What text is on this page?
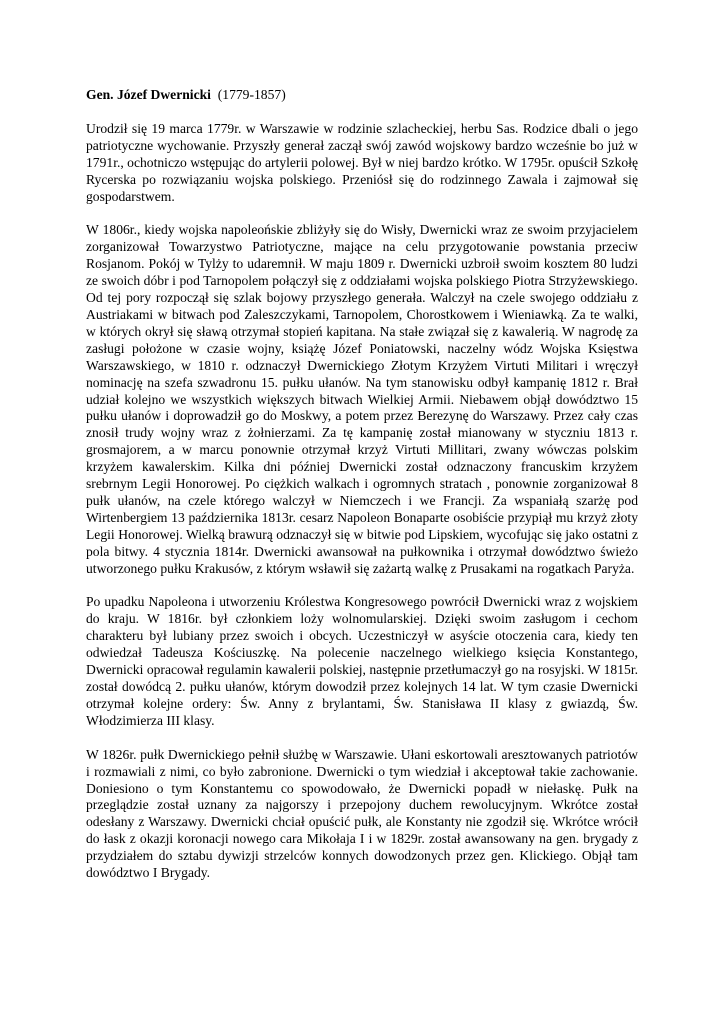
Gen. Józef Dwernicki (1779-1857)

Urodził się 19 marca 1779r. w Warszawie w rodzinie szlacheckiej, herbu Sas. Rodzice dbali o jego patriotyczne wychowanie. Przyszły generał zaczął swój zawód wojskowy bardzo wcześnie bo już w 1791r., ochotniczo wstępując do artylerii polowej. Był w niej bardzo krótko. W 1795r. opuścił Szkołę Rycerska po rozwiązaniu wojska polskiego. Przeniósł się do rodzinnego Zawala i zajmował się gospodarstwem.

W 1806r., kiedy wojska napoleońskie zbliżyły się do Wisły, Dwernicki wraz ze swoim przyjacielem zorganizował Towarzystwo Patriotyczne, mające na celu przygotowanie powstania przeciw Rosjanom. Pokój w Tylży to udaremnił. W maju 1809 r. Dwernicki uzbroił swoim kosztem 80 ludzi ze swoich dóbr i pod Tarnopolem połączył się z oddziałami wojska polskiego Piotra Strzyżewskiego. Od tej pory rozpoczął się szlak bojowy przyszłego generała. Walczył na czele swojego oddziału z Austriakami w bitwach pod Zaleszczykami, Tarnopolem, Chorostkowem i Wieniawką. Za te walki, w których okrył się sławą otrzymał stopień kapitana. Na stałe związał się z kawalerią. W nagrodę za zasługi położone w czasie wojny, książę Józef Poniatowski, naczelny wódz Wojska Księstwa Warszawskiego, w 1810 r. odznaczył Dwernickiego Złotym Krzyżem Virtuti Militari i wręczył nominację na szefa szwadronu 15. pułku ułanów. Na tym stanowisku odbył kampanię 1812 r. Brał udział kolejno we wszystkich większych bitwach Wielkiej Armii. Niebawem objął dowództwo 15 pułku ułanów i doprowadził go do Moskwy, a potem przez Berezynę do Warszawy. Przez cały czas znosił trudy wojny wraz z żołnierzami. Za tę kampanię został mianowany w styczniu 1813 r. grosmajorem, a w marcu ponownie otrzymał krzyż Virtuti Millitari, zwany wówczas polskim krzyżem kawalerskim. Kilka dni później Dwernicki został odznaczony francuskim krzyżem srebrnym Legii Honorowej. Po ciężkich walkach i ogromnych stratach , ponownie zorganizował 8 pułk ułanów, na czele którego walczył w Niemczech i we Francji. Za wspaniałą szarżę pod Wirtenbergiem 13 października 1813r. cesarz Napoleon Bonaparte osobiście przypiął mu krzyż złoty Legii Honorowej. Wielką brawurą odznaczył się w bitwie pod Lipskiem, wycofując się jako ostatni z pola bitwy. 4 stycznia 1814r. Dwernicki awansował na pułkownika i otrzymał dowództwo świeżo utworzonego pułku Krakusów, z którym wsławił się zażartą walkę z Prusakami na rogatkach Paryża.

Po upadku Napoleona i utworzeniu Królestwa Kongresowego powrócił Dwernicki wraz z wojskiem do kraju. W 1816r. był członkiem loży wolnomularskiej. Dzięki swoim zasługom i cechom charakteru był lubiany przez swoich i obcych. Uczestniczył w asyście otoczenia cara, kiedy ten odwiedzał Tadeusza Kościuszkę. Na polecenie naczelnego wielkiego księcia Konstantego, Dwernicki opracował regulamin kawalerii polskiej, następnie przetłumaczył go na rosyjski. W 1815r. został dowódcą 2. pułku ułanów, którym dowodził przez kolejnych 14 lat. W tym czasie Dwernicki otrzymał kolejne ordery: Św. Anny z brylantami, Św. Stanisława II klasy z gwiazdą, Św. Włodzimierza III klasy.

W 1826r. pułk Dwernickiego pełnił służbę w Warszawie. Ułani eskortowali aresztowanych patriotów i rozmawiali z nimi, co było zabronione. Dwernicki o tym wiedział i akceptował takie zachowanie. Doniesiono o tym Konstantemu co spowodowało, że Dwernicki popadł w niełaskę. Pułk na przeglądzie został uznany za najgorszy i przepojony duchem rewolucyjnym. Wkrótce został odesłany z Warszawy. Dwernicki chciał opuścić pułk, ale Konstanty nie zgodził się. Wkrótce wrócił do łask z okazji koronacji nowego cara Mikołaja I i w 1829r. został awansowany na gen. brygady z przydziałem do sztabu dywizji strzelców konnych dowodzonych przez gen. Klickiego. Objął tam dowództwo I Brygady.
